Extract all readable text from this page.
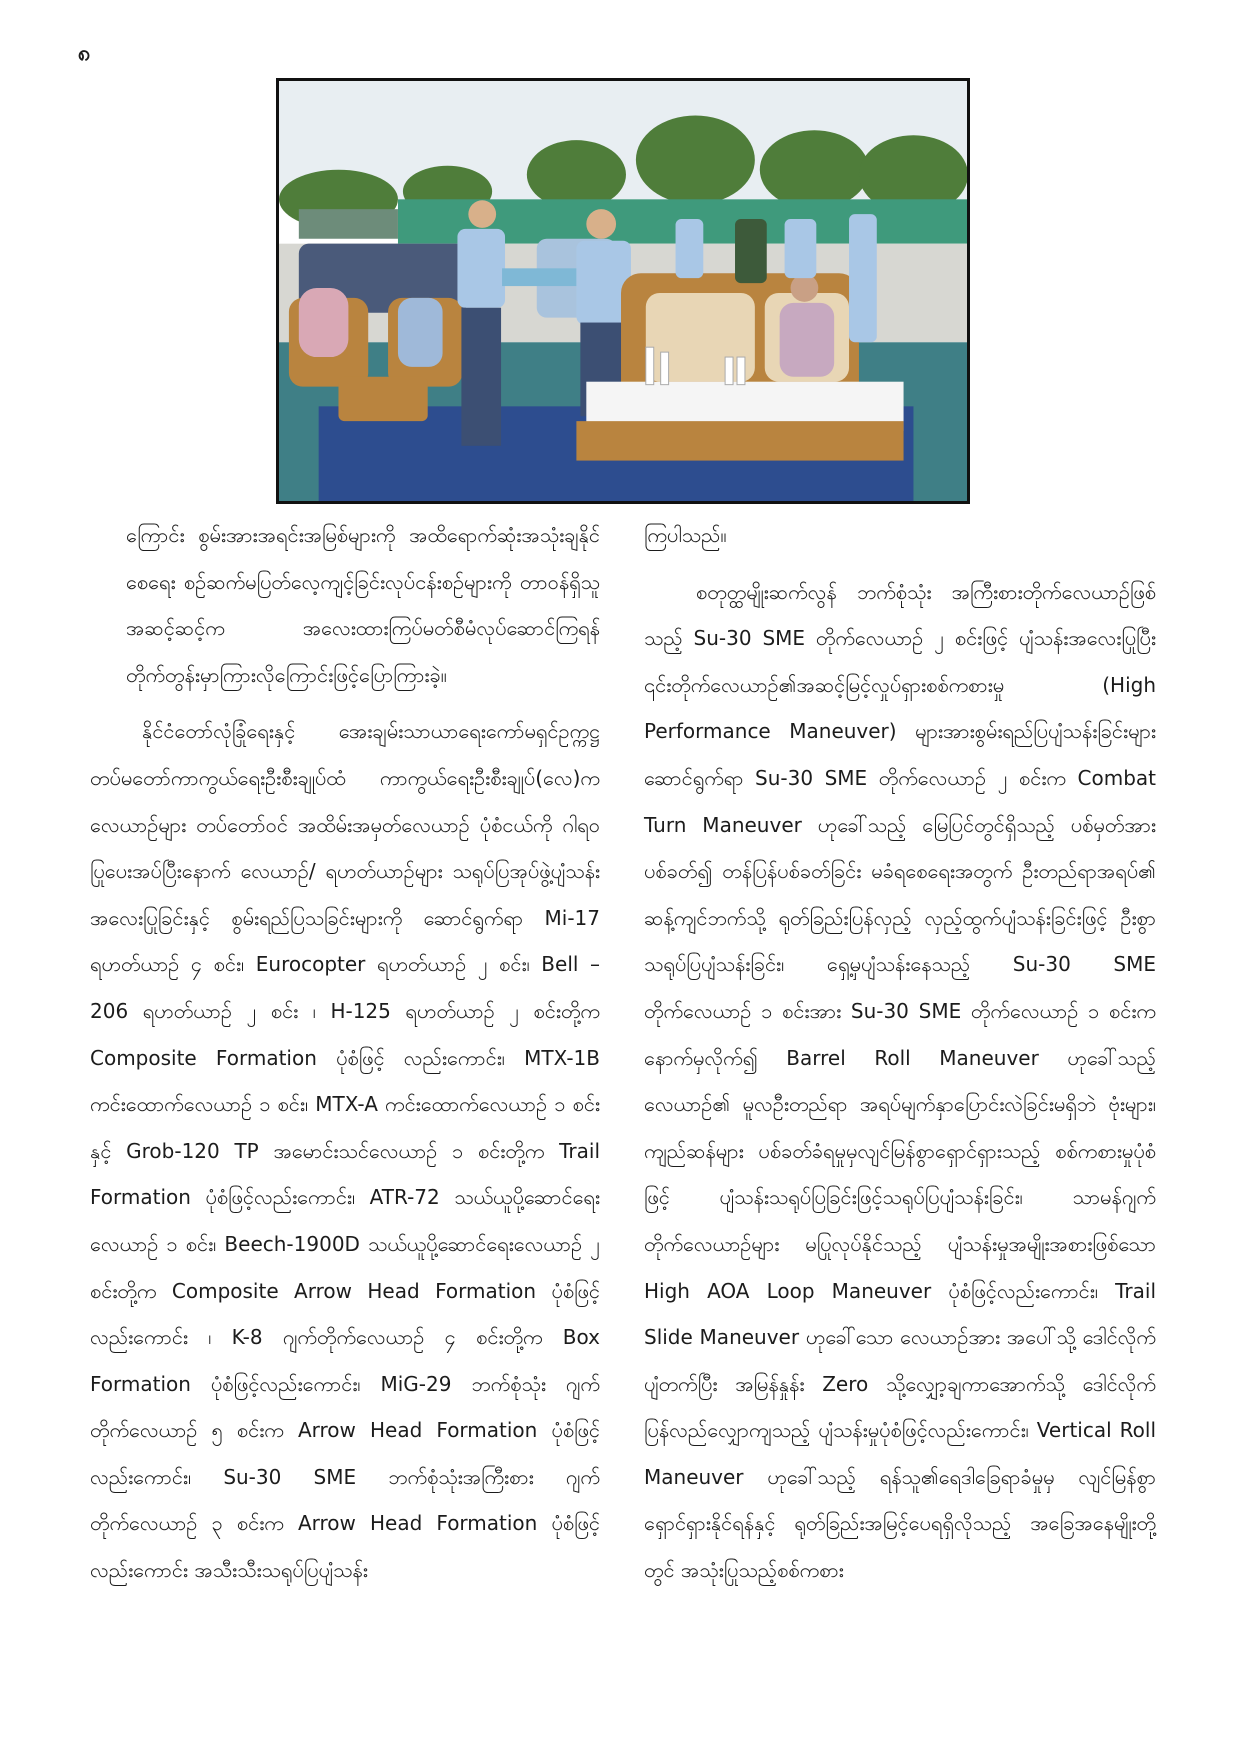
၈

ကြောင်း စွမ်းအားအရင်းအမြစ်များကို အထိရောက်ဆုံးအသုံးချနိုင်စေရေး စဉ်ဆက်မပြတ်လေ့ကျင့်ခြင်းလုပ်ငန်းစဉ်များကို တာဝန်ရှိသူအဆင့်ဆင့်က အလေးထားကြပ်မတ်စီမံလုပ်ဆောင်ကြရန် တိုက်တွန်းမှာကြားလိုကြောင်းဖြင့်ပြောကြားခဲ့။

နိုင်ငံတော်လုံခြုံရေးနှင့် အေးချမ်းသာယာရေးကော်မရှင်ဥက္ကဋ္ဌ တပ်မတော်ကာကွယ်ရေးဦးစီးချုပ်ထံ ကာကွယ်ရေးဦးစီးချုပ်(လေ)က လေယာဉ်များ တပ်တော်ဝင် အထိမ်းအမှတ်လေယာဉ် ပုံစံငယ်ကို ဂါရဝပြုပေးအပ်ပြီးနောက် လေယာဉ်/ ရဟတ်ယာဉ်များ သရုပ်ပြအုပ်ဖွဲ့ပျံသန်းအလေးပြုခြင်းနှင့် စွမ်းရည်ပြသခြင်းများကို ဆောင်ရွက်ရာ Mi-17 ရဟတ်ယာဉ် ၄ စင်း၊ Eurocopter ရဟတ်ယာဉ် ၂ စင်း၊ Bell – 206 ရဟတ်ယာဉ် ၂ စင်း ၊ H-125 ရဟတ်ယာဉ် ၂ စင်းတို့က Composite Formation ပုံစံဖြင့် လည်းကောင်း၊ MTX-1B ကင်းထောက်လေယာဉ် ၁ စင်း၊ MTX-A ကင်းထောက်လေယာဉ် ၁ စင်းနှင့် Grob-120 TP အမောင်းသင်လေယာဉ် ၁ စင်းတို့က Trail Formation ပုံစံဖြင့်လည်းကောင်း၊ ATR-72 သယ်ယူပို့ဆောင်ရေးလေယာဉ် ၁ စင်း၊ Beech-1900D သယ်ယူပို့ဆောင်ရေးလေယာဉ် ၂ စင်းတို့က Composite Arrow Head Formation ပုံစံဖြင့် လည်းကောင်း ၊ K-8 ဂျက်တိုက်လေယာဉ် ၄ စင်းတို့က Box Formation ပုံစံဖြင့်လည်းကောင်း၊ MiG-29 ဘက်စုံသုံး ဂျက်တိုက်လေယာဉ် ၅ စင်းက Arrow Head Formation ပုံစံဖြင့်လည်းကောင်း၊ Su-30 SME ဘက်စုံသုံးအကြီးစား ဂျက်တိုက်လေယာဉ် ၃ စင်းက Arrow Head Formation ပုံစံဖြင့်လည်းကောင်း အသီးသီးသရုပ်ပြပျံသန်း

ကြပါသည်။

စတုတ္ထမျိုးဆက်လွန် ဘက်စုံသုံး အကြီးစားတိုက်လေယာဉ်ဖြစ်သည့် Su-30 SME တိုက်လေယာဉ် ၂ စင်းဖြင့် ပျံသန်းအလေးပြုပြီး ၎င်းတိုက်လေယာဉ်၏အဆင့်မြင့်လှုပ်ရှားစစ်ကစားမှု (High Performance Maneuver) များအားစွမ်းရည်ပြပျံသန်းခြင်းများဆောင်ရွက်ရာ Su-30 SME တိုက်လေယာဉ် ၂ စင်းက Combat Turn Maneuver ဟုခေါ်သည့် မြေပြင်တွင်ရှိသည့် ပစ်မှတ်အား ပစ်ခတ်၍ တန်ပြန်ပစ်ခတ်ခြင်း မခံရစေရေးအတွက် ဦးတည်ရာအရပ်၏ ဆန့်ကျင်ဘက်သို့ ရုတ်ခြည်းပြန်လှည့် လှည့်ထွက်ပျံသန်းခြင်းဖြင့် ဦးစွာသရုပ်ပြပျံသန်းခြင်း၊ ရှေ့မှပျံသန်းနေသည့် Su-30 SME တိုက်လေယာဉ် ၁ စင်းအား Su-30 SME တိုက်လေယာဉ် ၁ စင်းက နောက်မှလိုက်၍ Barrel Roll Maneuver ဟုခေါ်သည့် လေယာဉ်၏ မူလဦးတည်ရာ အရပ်မျက်နှာပြောင်းလဲခြင်းမရှိဘဲ ဗုံးများ၊ ကျည်ဆန်များ ပစ်ခတ်ခံရမှုမှလျင်မြန်စွာရှောင်ရှားသည့် စစ်ကစားမှုပုံစံဖြင့် ပျံသန်းသရုပ်ပြခြင်းဖြင့်သရုပ်ပြပျံသန်းခြင်း၊ သာမန်ဂျက်တိုက်လေယာဉ်များ မပြုလုပ်နိုင်သည့် ပျံသန်းမှုအမျိုးအစားဖြစ်သော High AOA Loop Maneuver ပုံစံဖြင့်လည်းကောင်း၊ Trail Slide Maneuver ဟုခေါ်သော လေယာဉ်အား အပေါ်သို့ ဒေါင်လိုက်ပျံတက်ပြီး အမြန်နှုန်း Zero သို့လျှော့ချကာအောက်သို့ ဒေါင်လိုက်ပြန်လည်လျှောကျသည့် ပျံသန်းမှုပုံစံဖြင့်လည်းကောင်း၊ Vertical Roll Maneuver ဟုခေါ်သည့် ရန်သူ၏ရေဒါခြေရာခံမှုမှ လျင်မြန်စွာရှောင်ရှားနိုင်ရန်နှင့် ရုတ်ခြည်းအမြင့်ပေရရှိလိုသည့် အခြေအနေမျိုးတို့တွင် အသုံးပြုသည့်စစ်ကစား
